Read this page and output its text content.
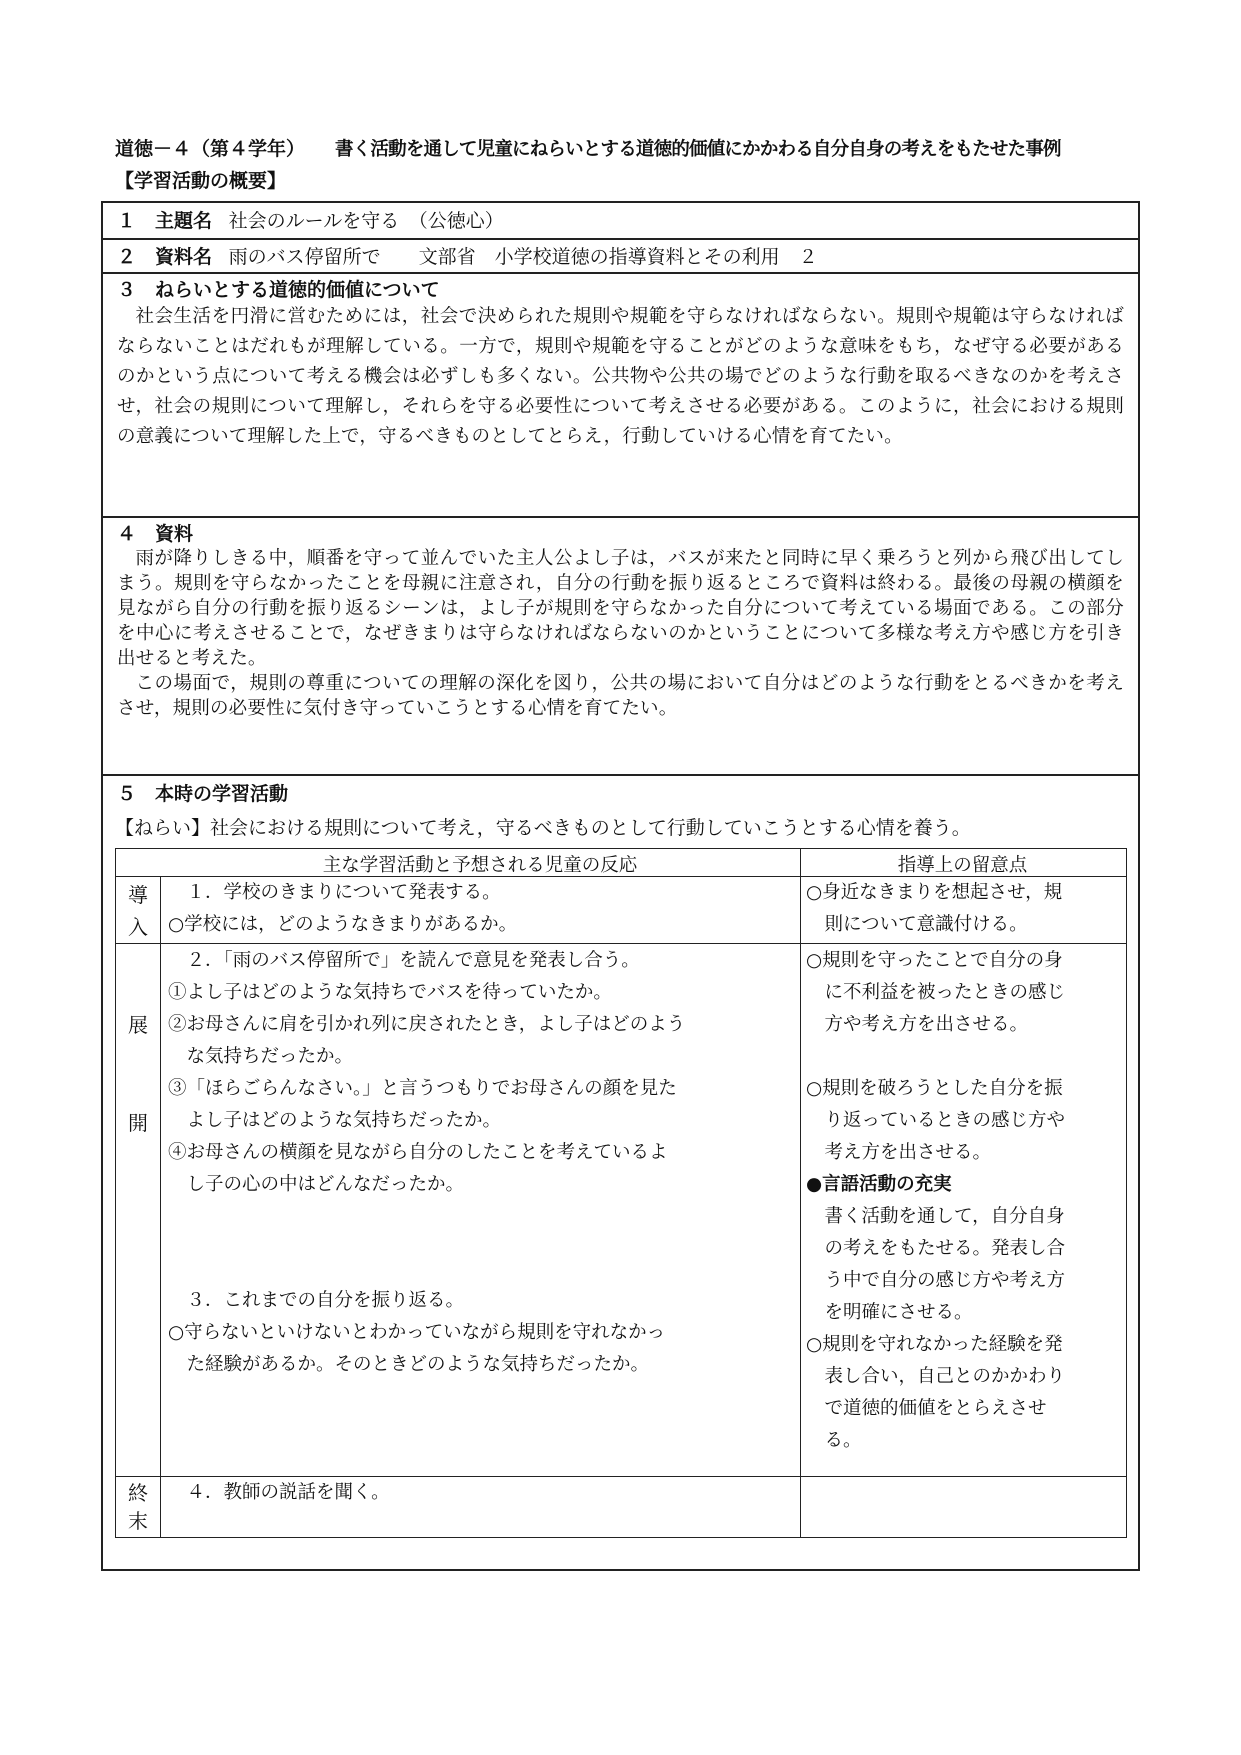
道徳－４（第４学年） 書く活動を通して児童にねらいとする道徳的価値にかかわる自分自身の考えをもたせた事例
【学習活動の概要】
１　主題名 社会のルールを守る　（公徳心）
２　資料名 雨のバス停留所で　　文部省　小学校道徳の指導資料とその利用　２
３　ねらいとする道徳的価値について
社会生活を円滑に営むためには，社会で決められた規則や規範を守らなければならない。規則や規範は守らなければならないことはだれもが理解している。一方で，規則や規範を守ることがどのような意味をもち，なぜ守る必要があるのかという点について考える機会は必ずしも多くない。公共物や公共の場でどのような行動を取るべきなのかを考えさせ，社会の規則について理解し，それらを守る必要性について考えさせる必要がある。このように，社会における規則の意義について理解した上で，守るべきものとしてとらえ，行動していける心情を育てたい。
４　資料
雨が降りしきる中，順番を守って並んでいた主人公よし子は，バスが来たと同時に早く乗ろうと列から飛び出してしまう。規則を守らなかったことを母親に注意され，自分の行動を振り返るところで資料は終わる。最後の母親の横顔を見ながら自分の行動を振り返るシーンは，よし子が規則を守らなかった自分について考えている場面である。この部分を中心に考えさせることで，なぜきまりは守らなければならないのかということについて多様な考え方や感じ方を引き出せると考えた。
この場面で，規則の尊重についての理解の深化を図り，公共の場において自分はどのような行動をとるべきかを考えさせ，規則の必要性に気付き守っていこうとする心情を育てたい。
５　本時の学習活動
【ねらい】社会における規則について考え，守るべきものとして行動していこうとする心情を養う。
主な学習活動と予想される児童の反応	指導上の留意点
導
入
１．学校のきまりについて発表する。
○学校には，どのようなきまりがあるか。
○身近なきまりを想起させ，規
則について意識付ける。
展
開
２．「雨のバス停留所で」を読んで意見を発表し合う。
①よし子はどのような気持ちでバスを待っていたか。
②お母さんに肩を引かれ列に戻されたとき，よし子はどのよう
な気持ちだったか。
③「ほらごらんなさい。」と言うつもりでお母さんの顔を見た
よし子はどのような気持ちだったか。
④お母さんの横顔を見ながら自分のしたことを考えているよ
し子の心の中はどんなだったか。
３．これまでの自分を振り返る。
○守らないといけないとわかっていながら規則を守れなかっ
た経験があるか。そのときどのような気持ちだったか。
○規則を守ったことで自分の身
に不利益を被ったときの感じ
方や考え方を出させる。
○規則を破ろうとした自分を振
り返っているときの感じ方や
考え方を出させる。
●言語活動の充実
書く活動を通して，自分自身
の考えをもたせる。発表し合
う中で自分の感じ方や考え方
を明確にさせる。
○規則を守れなかった経験を発
表し合い，自己とのかかわり
で道徳的価値をとらえさせ
る。
終
末
４．教師の説話を聞く。
